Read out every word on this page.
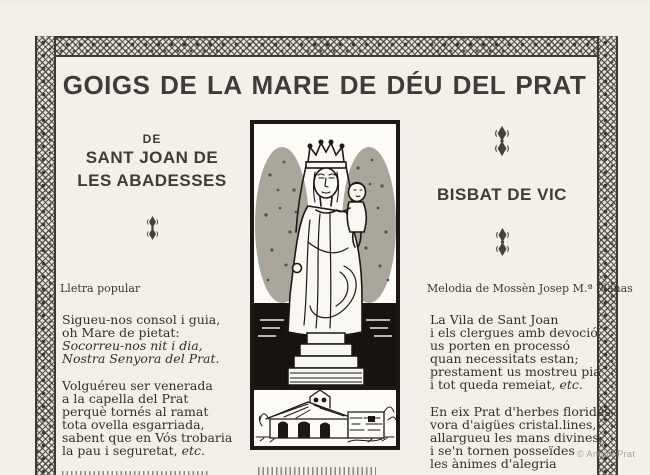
GOIGS DE LA MARE DE DÉU DEL PRAT
DE
SANT JOAN DE
LES ABADESSES
BISBAT DE VIC
Lletra popular	Melodia de Mossèn Josep M.ª Planas
Sigueu-nos consol i guia,
oh Mare de pietat:
Socorreu-nos nit i dia,
Nostra Senyora del Prat.
Volguéreu ser venerada
a la capella del Prat
perquè tornés al ramat
tota ovella esgarriada,
sabent que en Vós trobaria
la pau i seguretat, etc.
La Vila de Sant Joan
i els clergues amb devoció
us porten en processó
quan necessitats estan;
prestament us mostreu pia
i tot queda remeiat, etc.
En eix Prat d'herbes florides
vora d'aigües cristal.lines,
allargueu les mans divines;
i se'n tornen posseïdes
les ànimes d'alegria
© Antoni Prat
